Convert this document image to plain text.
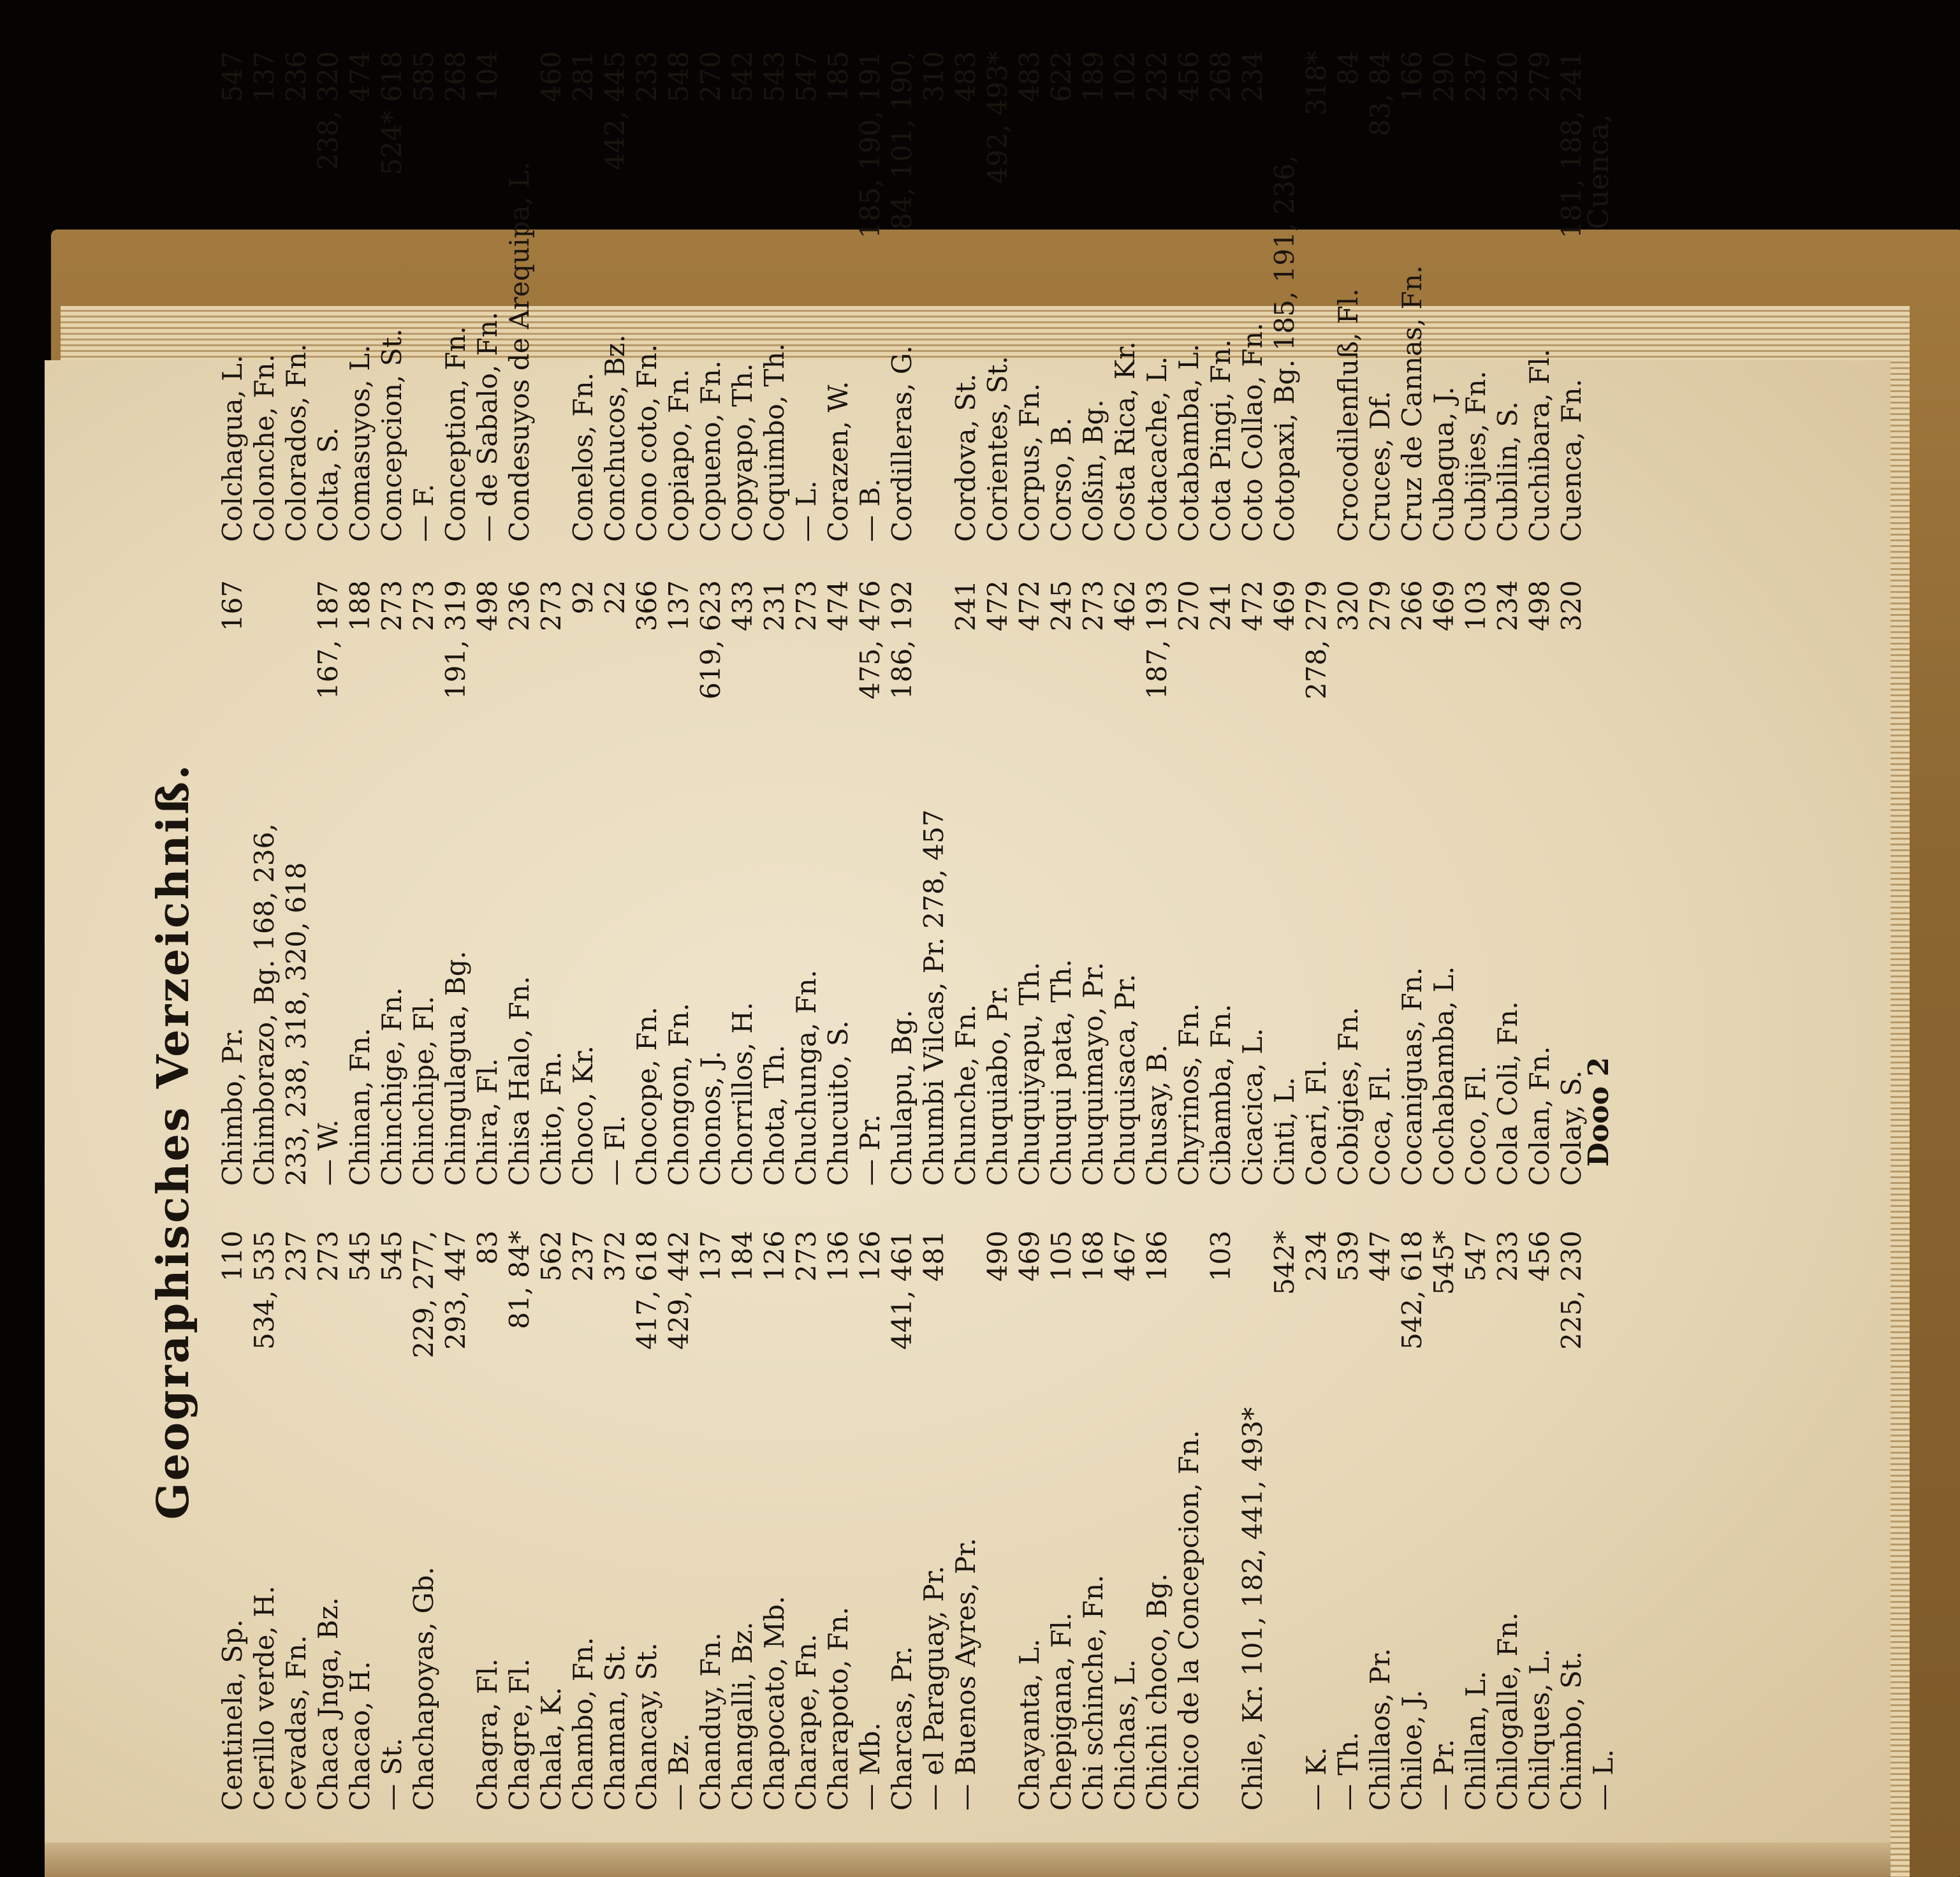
Geographisches Verzeichniß.
Centinela, Sp.
110
Cerillo verde, H.
534, 535
Cevadas, Fn.
237
Chaca Jnga, Bz.
273
Chacao, H.
545
— St.
545
Chachapoyas, Gb.
229, 277, 293, 447
Chagra, Fl.
83
Chagre, Fl.
81, 84*
Chala, K.
562
Chambo, Fn.
237
Chaman, St.
372
Chancay, St.
417, 618
— Bz.
429, 442
Chanduy, Fn.
137
Changalli, Bz.
184
Chapocato, Mb.
126
Charape, Fn.
273
Charapoto, Fn.
136
— Mb.
126
Charcas, Pr.
441, 461
— el Paraguay, Pr.
481
— Buenos Ayres, Pr.
490
Chayanta, L.
469
Chepigana, Fl.
105
Chi schinche, Fn.
168
Chichas, L.
467
Chichi choco, Bg.
186
Chico de la Concepcion, Fn.
103
Chile, Kr. 101, 182, 441, 493*
542*
— K.
234
— Th.
539
Chillaos, Pr.
447
Chiloe, J.
542, 618
— Pr.
545*
Chillan, L.
547
Chilogalle, Fn.
233
Chilques, L.
456
Chimbo, St.
225, 230
— L.
Chimbo, Pr.
167
Chimborazo, Bg. 168, 236, 233, 238, 318, 320, 618 — W.
167, 187
Chinan, Fn.
188
Chinchige, Fn.
273
Chinchipe, Fl.
273
Chingulagua, Bg.
191, 319
Chira, Fl.
498
Chisa Halo, Fn.
236
Chito, Fn.
273
Choco, Kr.
92
— Fl.
22
Chocope, Fn.
366
Chongon, Fn.
137
Chonos, J.
619, 623
Chorrillos, H.
433
Chota, Th.
231
Chuchunga, Fn.
273
Chucuito, S.
474
— Pr.
475, 476
Chulapu, Bg.
186, 192
Chumbi Vilcas, Pr. 278, 457 Chunche, Fn.
241
Chuquiabo, Pr.
472
Chuquiyapu, Th.
472
Chuqui pata, Th.
245
Chuquimayo, Pr.
273
Chuquisaca, Pr.
462
Chusay, B.
187, 193
Chyrinos, Fn.
270
Cibamba, Fn.
241
Cicacica, L.
472
Cinti, L.
469
Coari, Fl.
278, 279
Cobigies, Fn.
320
Coca, Fl.
279
Cocaniguas, Fn.
266
Cochabamba, L.
469
Coco, Fl.
103
Cola Coli, Fn.
234
Colan, Fn.
498
Colay, S.
320
Colchagua, L.
547
Colonche, Fn.
137
Colorados, Fn.
236
Colta, S.
238, 320
Comasuyos, L.
474
Concepcion, St.
524* 618
— F.
585
Conception, Fn.
268
— de Sabalo, Fn.
104
Condesuyos de Arequipa, L.
460
Conelos, Fn.
281
Conchucos, Bz.
442, 445
Cono coto, Fn.
233
Copiapo, Fn.
548
Copueno, Fn.
270
Copyapo, Th.
542
Coquimbo, Th.
543
— L.
547
Corazen, W.
185
— B.
185, 190, 191
Cordilleras, G.
84, 101, 190, 310
Cordova, St.
483
Corientes, St.
492, 493*
Corpus, Fn.
483
Corso, B.
622
Coßin, Bg.
189
Costa Rica, Kr.
102
Cotacache, L.
232
Cotabamba, L.
456
Cota Pingi, Fn.
268
Coto Collao, Fn.
234
Cotopaxi, Bg. 185, 191, 236,
318*
Crocodilenfluß, Fl.
84
Cruces, Df.
83, 84
Cruz de Cannas, Fn.
166
Cubagua, J.
290
Cubijies, Fn.
237
Cubilin, S.
320
Cuchibara, Fl.
279
Cuenca, Fn.
181, 188, 241
Dooo 2
Cuenca,
